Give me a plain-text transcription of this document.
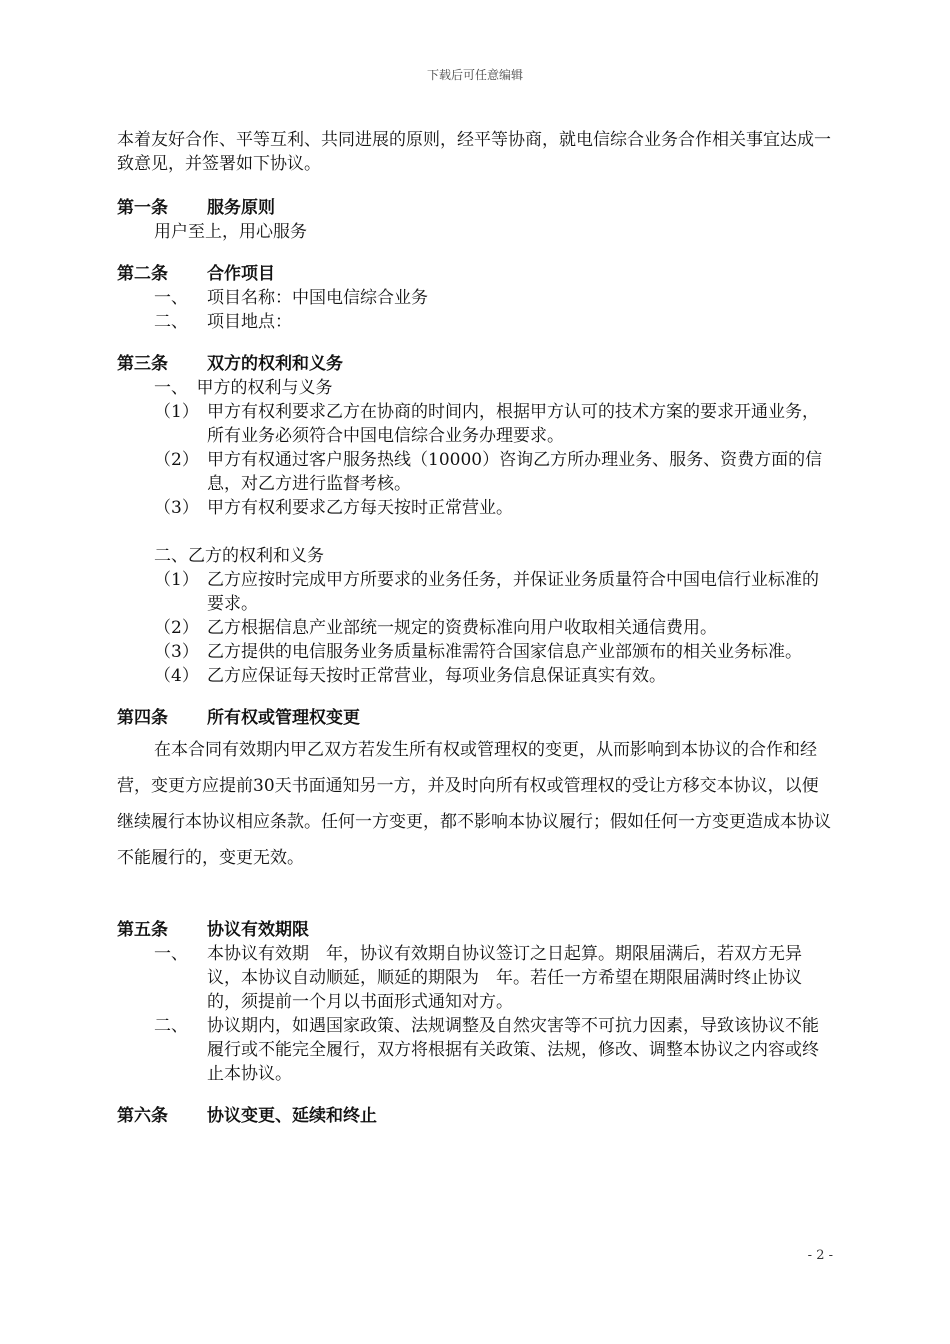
下载后可任意编辑

本着友好合作、平等互利、共同进展的原则，经平等协商，就电信综合业务合作相关事宜达成一致意见，并签署如下协议。

第一条	服务原则
用户至上，用心服务
第二条	合作项目
一、	项目名称：中国电信综合业务
二、	项目地点：
第三条	双方的权利和义务
一、　甲方的权利与义务
（1） 甲方有权利要求乙方在协商的时间内，根据甲方认可的技术方案的要求开通业务，所有业务必须符合中国电信综合业务办理要求。
（2） 甲方有权通过客户服务热线（10000）咨询乙方所办理业务、服务、资费方面的信息，对乙方进行监督考核。
（3） 甲方有权利要求乙方每天按时正常营业。
二、乙方的权利和义务
（1） 乙方应按时完成甲方所要求的业务任务，并保证业务质量符合中国电信行业标准的要求。
（2） 乙方根据信息产业部统一规定的资费标准向用户收取相关通信费用。
（3） 乙方提供的电信服务业务质量标准需符合国家信息产业部颁布的相关业务标准。
（4） 乙方应保证每天按时正常营业，每项业务信息保证真实有效。
第四条	所有权或管理权变更

在本合同有效期内甲乙双方若发生所有权或管理权的变更，从而影响到本协议的合作和经营，变更方应提前30天书面通知另一方，并及时向所有权或管理权的受让方移交本协议，以便继续履行本协议相应条款。任何一方变更，都不影响本协议履行；假如任何一方变更造成本协议不能履行的，变更无效。

第五条	协议有效期限
一、	本协议有效期　年，协议有效期自协议签订之日起算。期限届满后，若双方无异议，本协议自动顺延，顺延的期限为　年。若任一方希望在期限届满时终止协议的，须提前一个月以书面形式通知对方。
二、	协议期内，如遇国家政策、法规调整及自然灾害等不可抗力因素，导致该协议不能履行或不能完全履行，双方将根据有关政策、法规，修改、调整本协议之内容或终止本协议。
第六条	协议变更、延续和终止
- 2 -
